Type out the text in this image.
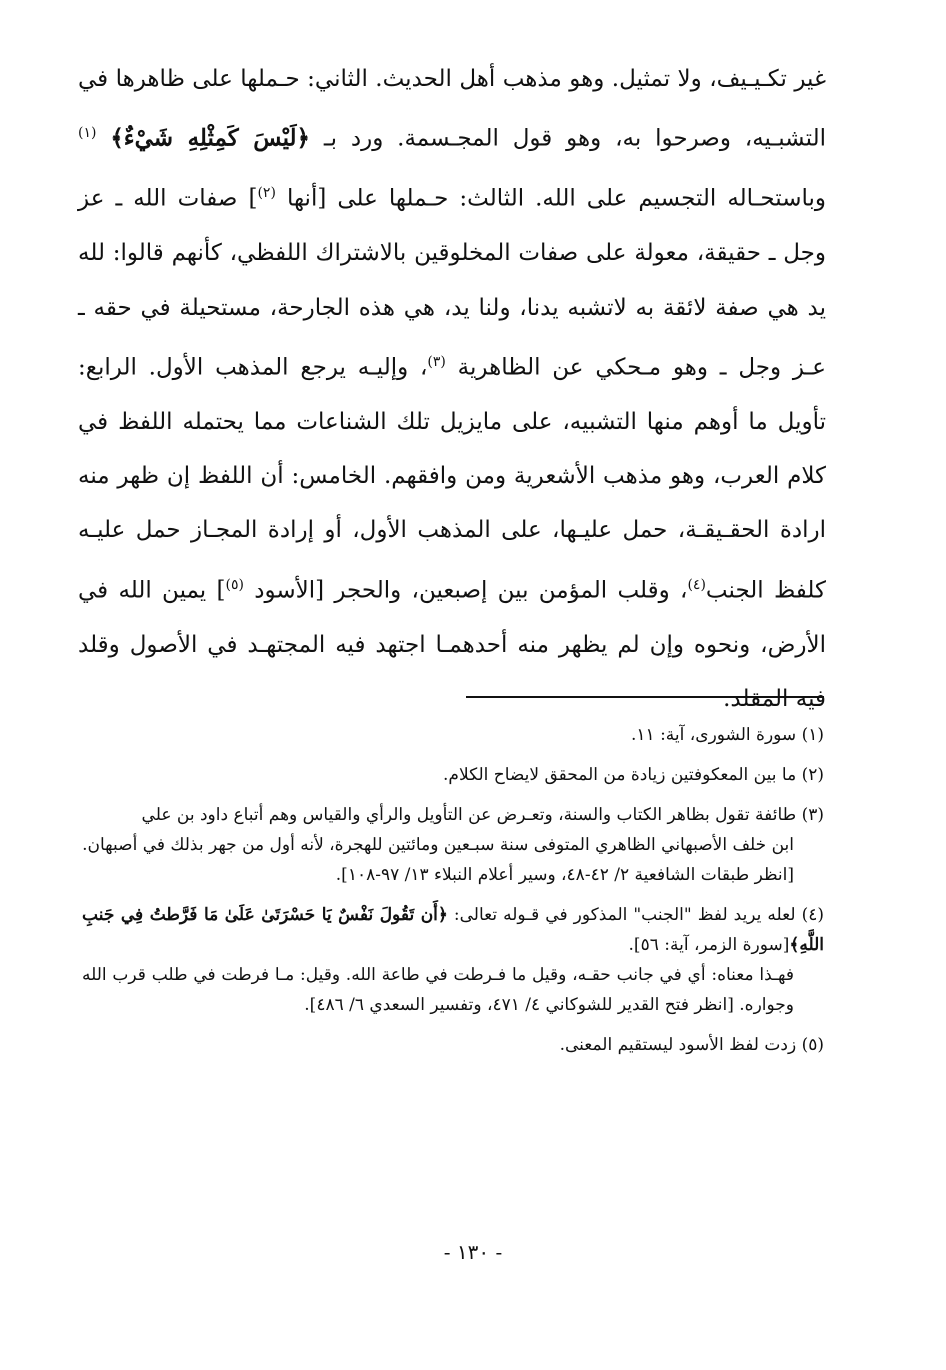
غير تكـيـيف، ولا تمثيل. وهو مذهب أهل الحديث. الثاني: حـملها على ظاهرها في التشبـيه، وصرحوا به، وهو قول المجـسمة. ورد بـ ﴿لَيْسَ كَمِثْلِهِ شَيْءٌ﴾ $^{(١)}$ وباستحـاله التجسيم على الله. الثالث: حـملها على [أنها $^{(٢)}$] صفات الله ـ عز وجل ـ حقيقة، معولة على صفات المخلوقين بالاشتراك اللفظي، كأنهم قالوا: لله يد هي صفة لائقة به لاتشبه يدنا، ولنا يد، هي هذه الجارحة، مستحيلة في حقه ـ عـز وجل ـ وهو مـحكي عن الظاهرية $^{(٣)}$، وإليـه يرجع المذهب الأول. الرابع: تأويل ما أوهم منها التشبيه، على مايزيل تلك الشناعات مما يحتمله اللفظ في كلام العرب، وهو مذهب الأشعرية ومن وافقهم. الخامس: أن اللفظ إن ظهر منه ارادة الحقـيقـة، حمل عليـها، على المذهب الأول، أو إرادة المجـاز حمل عليـه كلفظ الجنب$^{(٤)}$، وقلب المؤمن بين إصبعين، والحجر [الأسود $^{(٥)}$] يمين الله في الأرض، ونحوه وإن لم يظهر منه أحدهمـا اجتهد فيه المجتهـد في الأصول وقلد فيه المقلد.

(١) سورة الشورى، آية: ١١.

(٢) ما بين المعكوفتين زيادة من المحقق لايضاح الكلام.

(٣) طائفة تقول بظاهر الكتاب والسنة، وتعـرض عن التأويل والرأي والقياس وهم أتباع داود بن علي
ابن خلف الأصبهاني الظاهري المتوفى سنة سبـعين ومائتين للهجرة، لأنه أول من جهر بذلك في أصبهان.
[انظر طبقات الشافعية ٢/ ٤٢-٤٨، وسير أعلام النبلاء ١٣/ ٩٧-١٠٨].

(٤) لعله يريد لفظ "الجنب" المذكور في قـوله تعالى: ﴿أَن تَقُولَ نَفْسٌ يَا حَسْرَتَىٰ عَلَىٰ مَا فَرَّطتُ فِي جَنبِ اللَّهِ﴾[سورة الزمر، آية: ٥٦].
فهـذا معناه: أي في جانب حقـه، وقيل ما فـرطت في طاعة الله. وقيل: مـا فرطت في طلب قرب الله وجواره. [انظر فتح القدير للشوكاني ٤/ ٤٧١، وتفسير السعدي ٦/ ٤٨٦].

(٥) زدت لفظ الأسود ليستقيم المعنى.

- ١٣٠ -
